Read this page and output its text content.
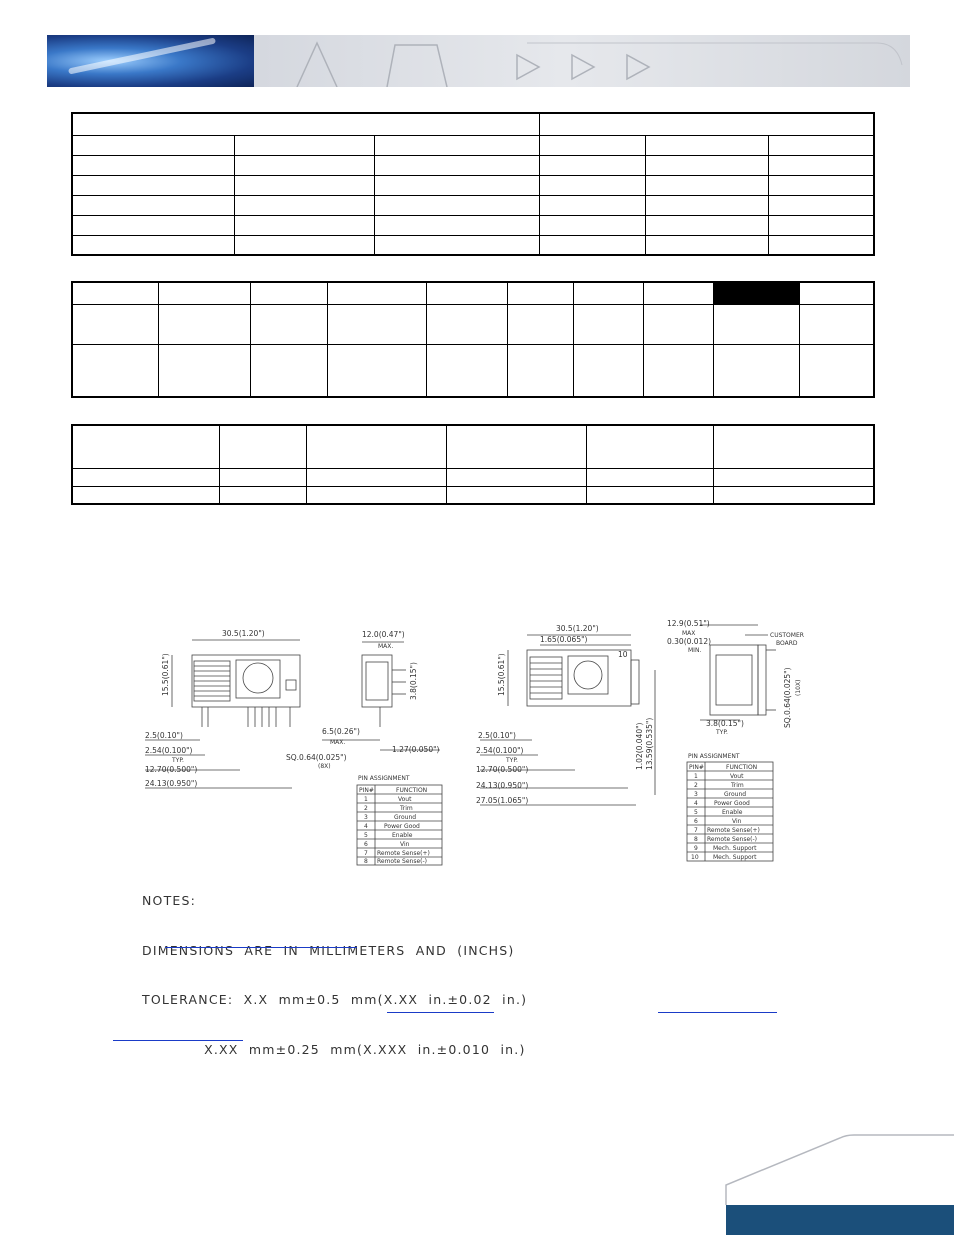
30.5(1.20")
15.5(0.61")
2.5(0.10")
2.54(0.100")
TYP.
12.70(0.500")
24.13(0.950")
SQ.0.64(0.025")
(8X)
12.0(0.47")
MAX.
3.8(0.15")
6.5(0.26")
MAX.
1.27(0.050")
PIN ASSIGNMENT
PIN#	FUNCTION
1	Vout
2	Trim
3	Ground
4	Power Good
5	Enable
6	Vin
7 Remote Sense(+)
8 Remote Sense(-)
30.5(1.20")
1.65(0.065")
10
15.5(0.61")
2.5(0.10")
2.54(0.100")
TYP.
12.70(0.500")
24.13(0.950")
27.05(1.065")
1.02(0.040") 13.59(0.535")
12.9(0.51")
MAX
0.30(0.012)
MIN.
CUSTOMER
BOARD
SQ.0.64(0.025") (10X)
3.8(0.15")
TYP.
PIN ASSIGNMENT
PIN#	FUNCTION
1	Vout
2	Trim
3	Ground
4	Power Good
5	Enable
6	Vin
7 Remote Sense(+)
8 Remote Sense(-)
9	Mech. Support
10 Mech. Support

NOTES:

DIMENSIONS  ARE  IN  MILLIMETERS  AND  (INCHS)

TOLERANCE:  X.X  mm±0.5  mm(X.XX  in.±0.02  in.)

X.XX  mm±0.25  mm(X.XXX  in.±0.010  in.)
